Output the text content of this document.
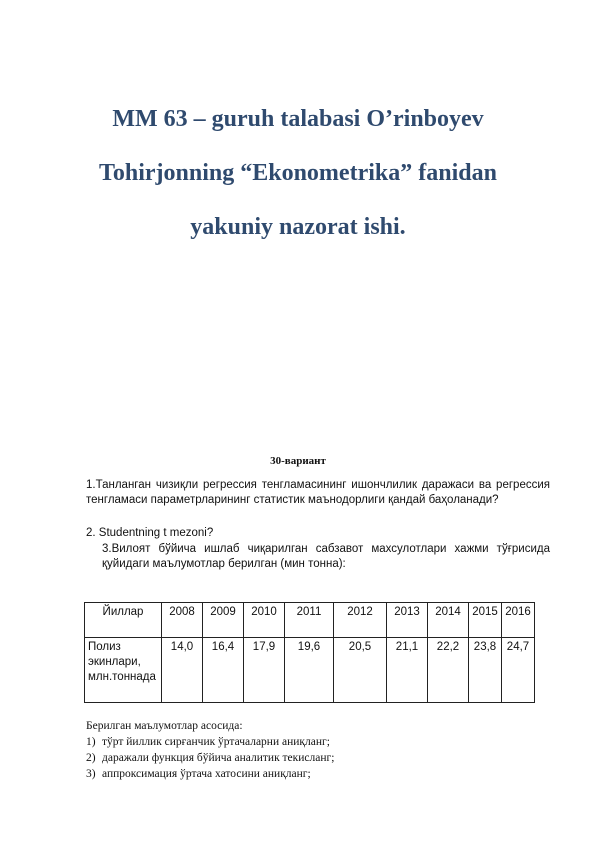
MM 63 – guruh talabasi O’rinboyev
Tohirjonning “Ekonometrika” fanidan
yakuniy nazorat ishi.
30-вариант

1.Танланган чизиқли регрессия тенгламасининг ишончлилик даражаси ва регрессия тенгламаси параметрларининг статистик маънодорлиги қандай баҳоланади?

2. Studentning t mezoni?

3.Вилоят бўйича ишлаб чиқарилган сабзавот махсулотлари хажми тўғрисида қуйидаги маълумотлар берилган (мин тонна):

Йиллар	2008	2009	2010	2011	2012	2013	2014	2015	2016
Полиз экинлари, млн.тоннада	14,0	16,4	17,9	19,6	20,5	21,1	22,2	23,8	24,7

Берилган маълумотлар асосида:

1) тўрт йиллик сирғанчик ўртачаларни аниқланг;
2) даражали функция бўйича аналитик текисланг;
3) аппроксимация ўртача хатосини аниқланг;
